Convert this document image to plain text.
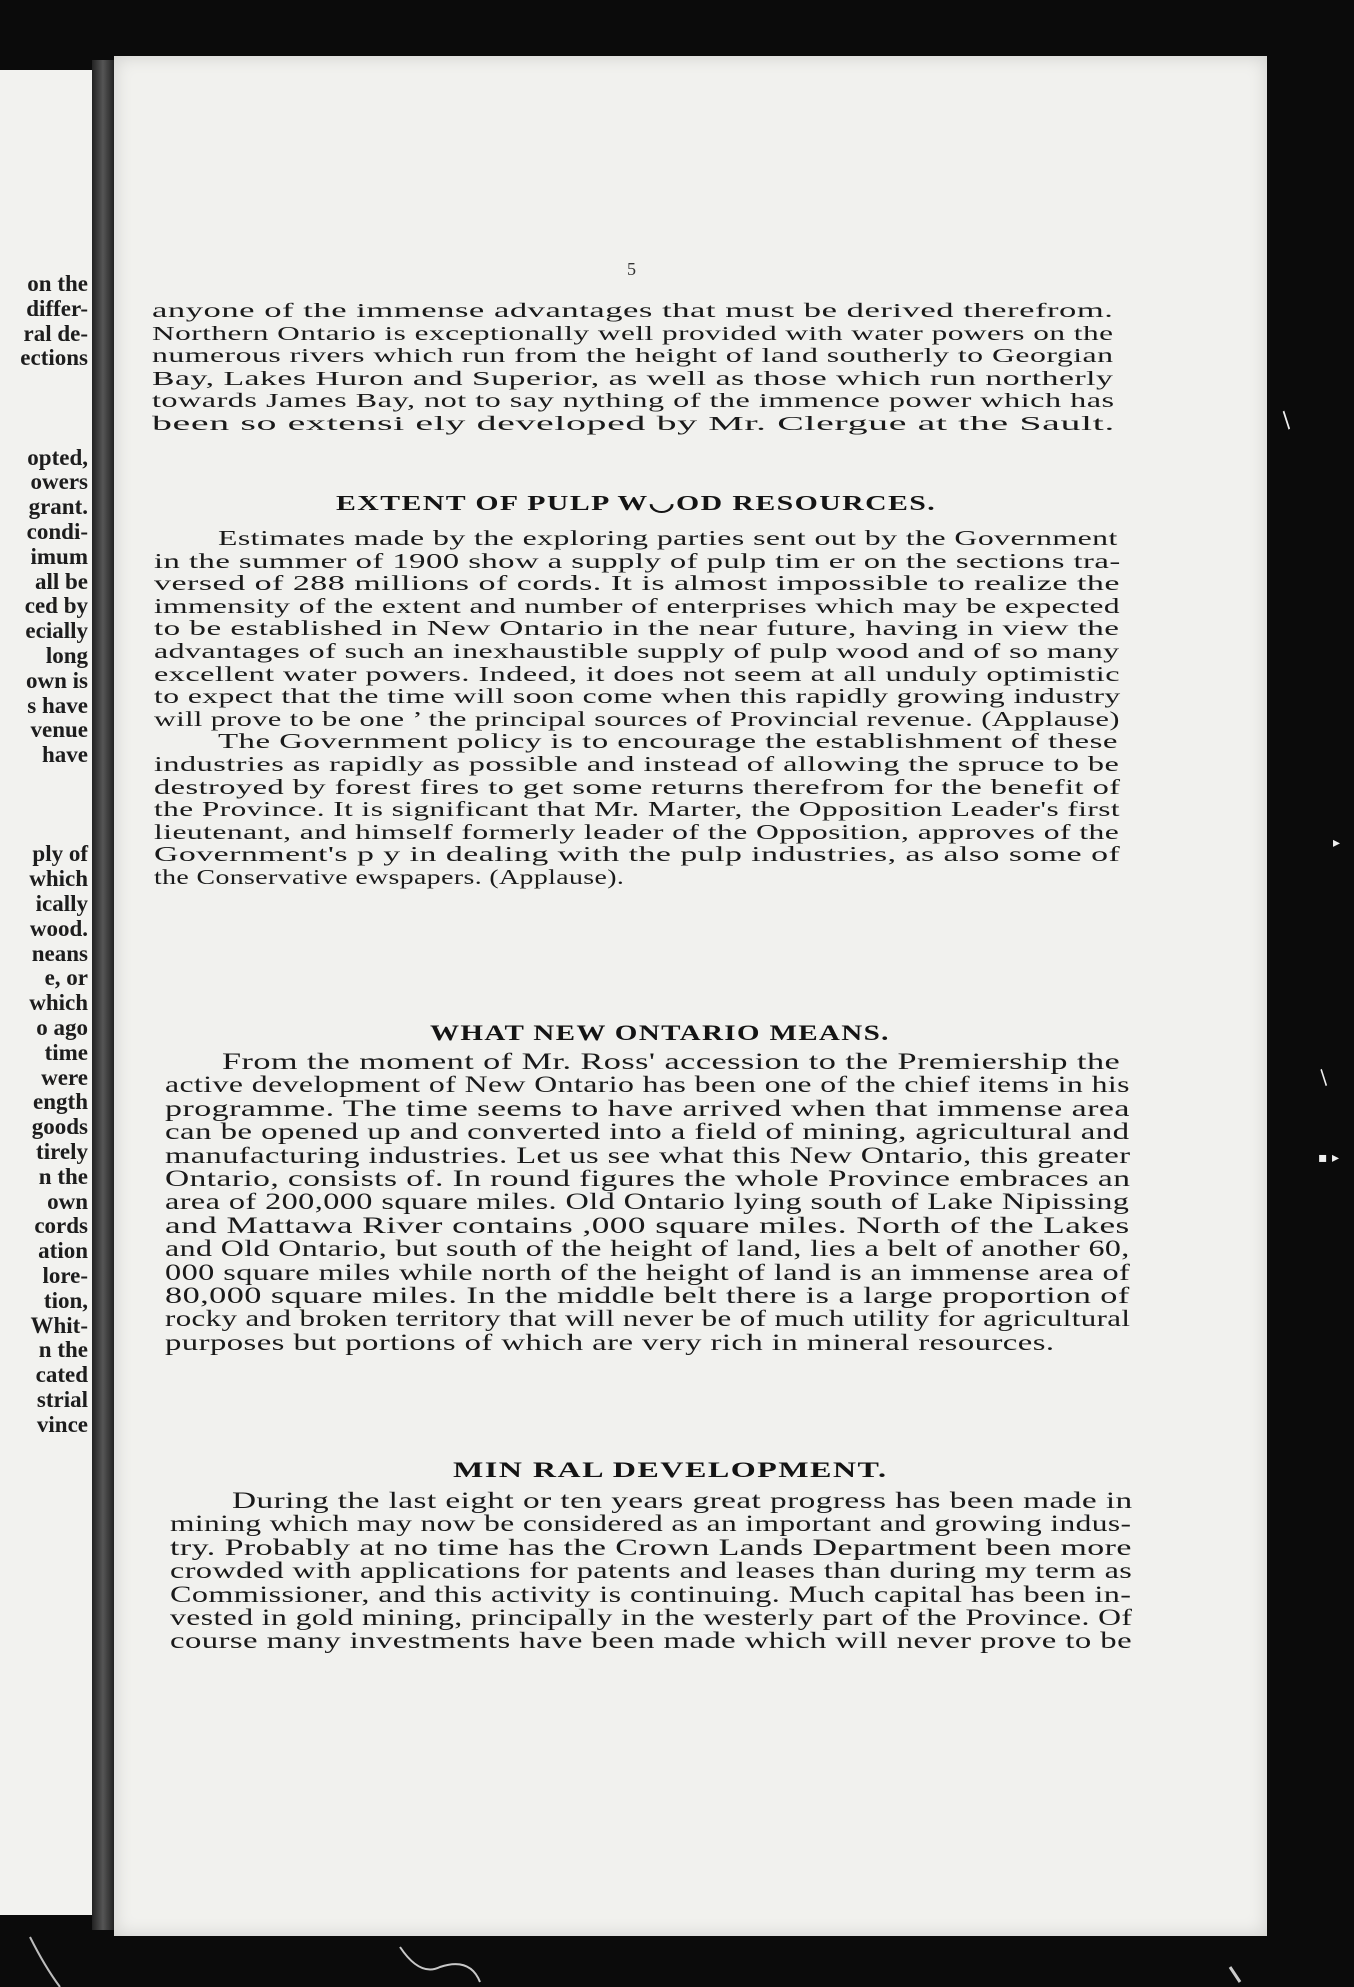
on the
differ-
ral de-
ections
opted,
owers
grant.
condi-
imum
all be
ced by
ecially
long
own is
s have
venue
have
ply of
which
ically
wood.
neans
e, or
which
o ago
time
were
ength
goods
tirely
n the
own
cords
ation
lore-
tion,
Whit-
n the
cated
strial
vince
5
anyone of the immense advantages that must be derived therefrom.
Northern Ontario is exceptionally well provided with water powers on the
numerous rivers which run from the height of land southerly to Georgian
Bay, Lakes Huron and Superior, as well as those which run northerly
towards James Bay, not to say nything of the immence power which has
been so extensi ely developed by Mr. Clergue at the Sault.
EXTENT OF PULP W◡OD RESOURCES.
Estimates made by the exploring parties sent out by the Government
in the summer of 1900 show a supply of pulp tim er on the sections tra-
versed of 288 millions of cords. It is almost impossible to realize the
immensity of the extent and number of enterprises which may be expected
to be established in New Ontario in the near future, having in view the
advantages of such an inexhaustible supply of pulp wood and of so many
excellent water powers. Indeed, it does not seem at all unduly optimistic
to expect that the time will soon come when this rapidly growing industry
will prove to be one ’ the principal sources of Provincial revenue. (Applause)
The Government policy is to encourage the establishment of these
industries as rapidly as possible and instead of allowing the spruce to be
destroyed by forest fires to get some returns therefrom for the benefit of
the Province. It is significant that Mr. Marter, the Opposition Leader's first
lieutenant, and himself formerly leader of the Opposition, approves of the
Government's p y in dealing with the pulp industries, as also some of
the Conservative ewspapers. (Applause).
WHAT NEW ONTARIO MEANS.
From the moment of Mr. Ross' accession to the Premiership the
active development of New Ontario has been one of the chief items in his
programme. The time seems to have arrived when that immense area
can be opened up and converted into a field of mining, agricultural and
manufacturing industries. Let us see what this New Ontario, this greater
Ontario, consists of. In round figures the whole Province embraces an
area of 200,000 square miles. Old Ontario lying south of Lake Nipissing
and Mattawa River contains ,000 square miles. North of the Lakes
and Old Ontario, but south of the height of land, lies a belt of another 60,
000 square miles while north of the height of land is an immense area of
80,000 square miles. In the middle belt there is a large proportion of
rocky and broken territory that will never be of much utility for agricultural
purposes but portions of which are very rich in mineral resources.
MIN RAL DEVELOPMENT.
During the last eight or ten years great progress has been made in
mining which may now be considered as an important and growing indus-
try. Probably at no time has the Crown Lands Department been more
crowded with applications for patents and leases than during my term as
Commissioner, and this activity is continuing. Much capital has been in-
vested in gold mining, principally in the westerly part of the Province. Of
course many investments have been made which will never prove to be
/
▸
/
▪ ▸
